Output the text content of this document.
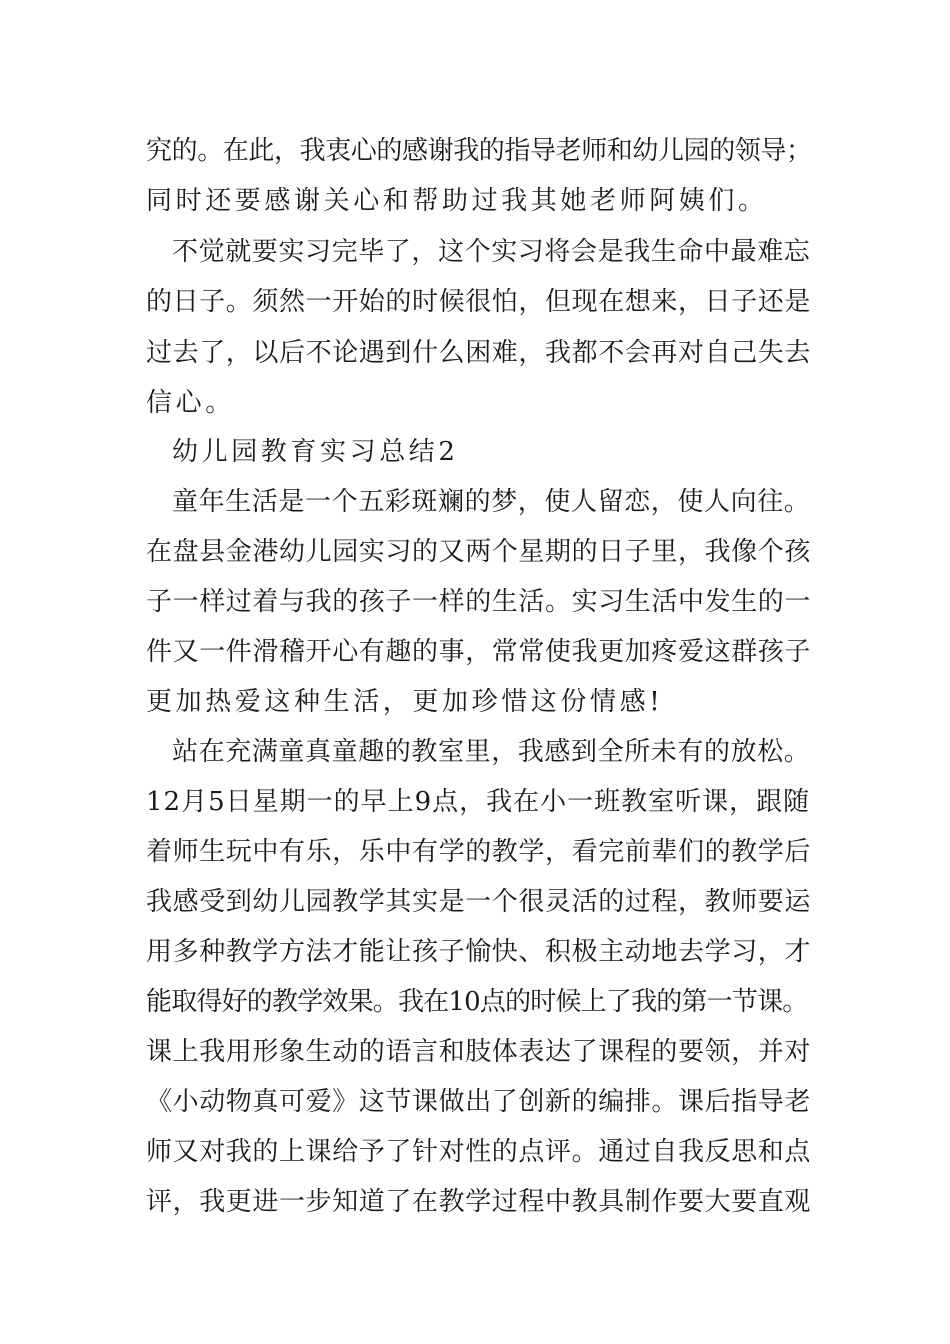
究的。在此，我衷心的感谢我的指导老师和幼儿园的领导；
同时还要感谢关心和帮助过我其她老师阿姨们。
不觉就要实习完毕了，这个实习将会是我生命中最难忘
的日子。须然一开始的时候很怕，但现在想来，日子还是
过去了，以后不论遇到什么困难，我都不会再对自己失去
信心。
幼儿园教育实习总结2
童年生活是一个五彩斑斓的梦，使人留恋，使人向往。
在盘县金港幼儿园实习的又两个星期的日子里，我像个孩
子一样过着与我的孩子一样的生活。实习生活中发生的一
件又一件滑稽开心有趣的事，常常使我更加疼爱这群孩子
更加热爱这种生活，更加珍惜这份情感!
站在充满童真童趣的教室里，我感到全所未有的放松。
12月5日星期一的早上9点，我在小一班教室听课，跟随
着师生玩中有乐，乐中有学的教学，看完前辈们的教学后
我感受到幼儿园教学其实是一个很灵活的过程，教师要运
用多种教学方法才能让孩子愉快、积极主动地去学习，才
能取得好的教学效果。我在10点的时候上了我的第一节课。
课上我用形象生动的语言和肢体表达了课程的要领，并对
《小动物真可爱》这节课做出了创新的编排。课后指导老
师又对我的上课给予了针对性的点评。通过自我反思和点
评，我更进一步知道了在教学过程中教具制作要大要直观
